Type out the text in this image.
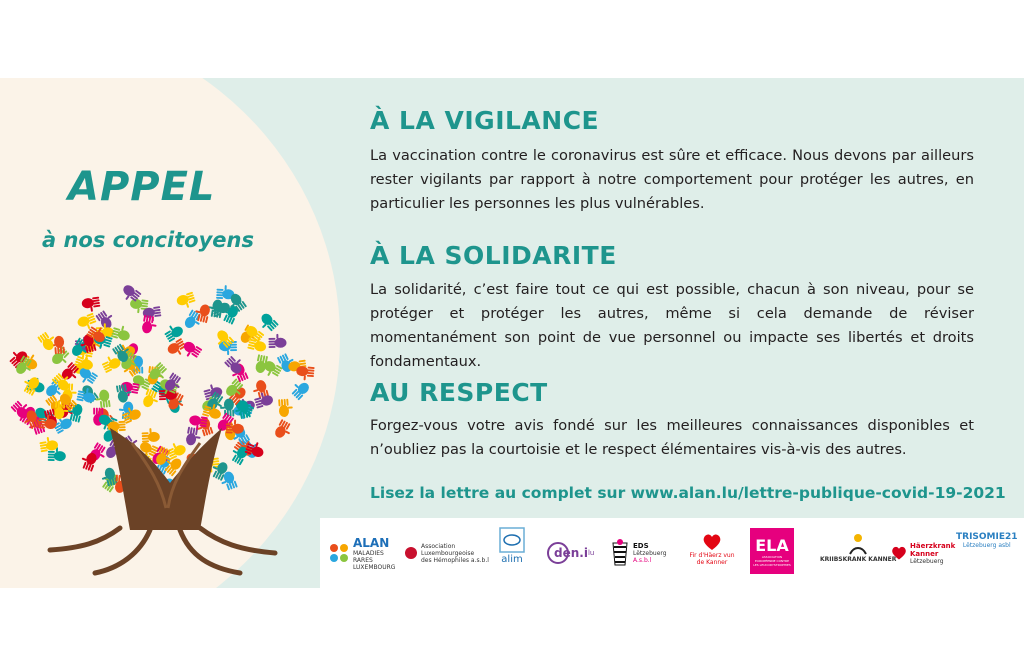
APPEL
à nos concitoyens
À LA VIGILANCE
La vaccination contre le coronavirus est sûre et efficace. Nous devons par ailleurs rester vigilants par rapport à notre comportement pour protéger les autres, en particulier les personnes les plus vulnérables.
À LA SOLIDARITE
La solidarité, c’est faire tout ce qui est possible, chacun à son niveau, pour se protéger et protéger les autres, même si cela demande de réviser momentanément son point de vue personnel ou impacte ses libertés et droits fondamentaux.
AU RESPECT
Forgez-vous votre avis fondé sur les meilleures connaissances disponibles et n’oubliez pas la courtoisie et le respect élémentaires vis-à-vis des autres.
Lisez la lettre au complet sur www.alan.lu/lettre-publique-covid-19-2021
ALAN
MALADIES RARES LUXEMBOURG
Association
Luxembourgeoise
des Hémophiles a.s.b.l alim	den.i lu
EDS
Lëtzebuerg
A.s.b.l
Fir d'Häerz vun de Kanner
ELA
ASSOCIATION EUROPÉENNE CONTRE LES LEUCODYSTROPHIES
KRIIBSKRANK KANNER
Häerzkrank
Kanner
Lëtzebuerg
TRISOMIE21
Lëtzebuerg asbl
